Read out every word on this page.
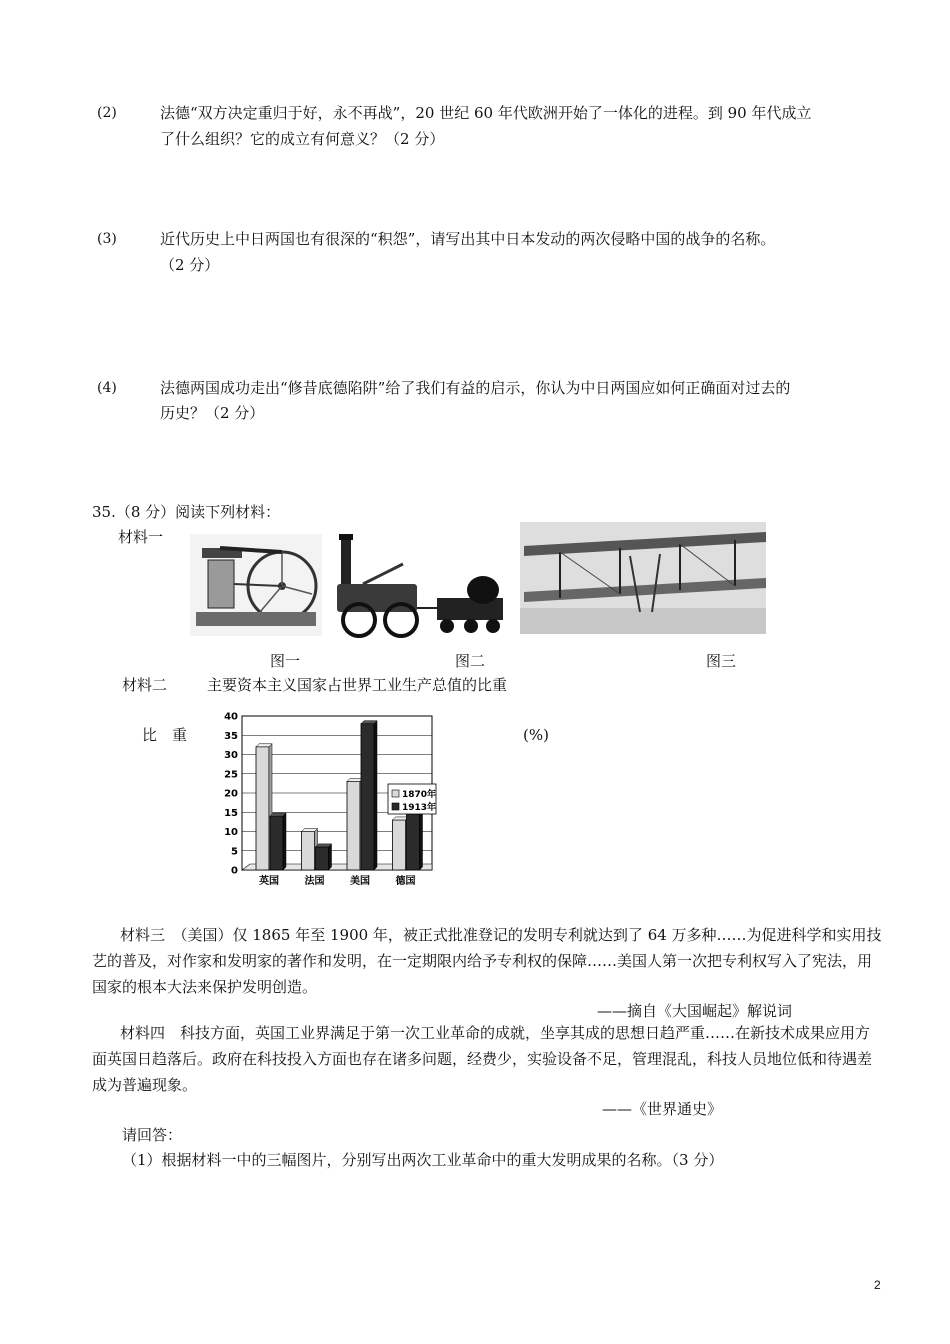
(2)	法德“双方决定重归于好，永不再战”，20 世纪 60 年代欧洲开始了一体化的进程。到 90 年代成立
了什么组织？它的成立有何意义？（2 分）
(3)	近代历史上中日两国也有很深的“积怨”，请写出其中日本发动的两次侵略中国的战争的名称。
（2 分）
(4)	法德两国成功走出“修昔底德陷阱”给了我们有益的启示，你认为中日两国应如何正确面对过去的
历史？（2 分）
35.（8 分）阅读下列材料：
材料一
图一	图二	图三
材料二	主要资本主义国家占世界工业生产总值的比重
比　重	(%)
0
5
10
15
20
25
30
35
40
英国	法国	美国	德国
1870年
1913年
材料三　（美国）仅 1865 年至 1900 年，被正式批准登记的发明专利就达到了 64 万多种……为促进科学和实用技艺的普及，对作家和发明家的著作和发明，在一定期限内给予专利权的保障……美国人第一次把专利权写入了宪法，用国家的根本大法来保护发明创造。
——摘自《大国崛起》解说词
材料四　科技方面，英国工业界满足于第一次工业革命的成就，坐享其成的思想日趋严重……在新技术成果应用方面英国日趋落后。政府在科技投入方面也存在诸多问题，经费少，实验设备不足，管理混乱，科技人员地位低和待遇差成为普遍现象。
——《世界通史》
请回答：
（1）根据材料一中的三幅图片，分别写出两次工业革命中的重大发明成果的名称。（3 分）
2
